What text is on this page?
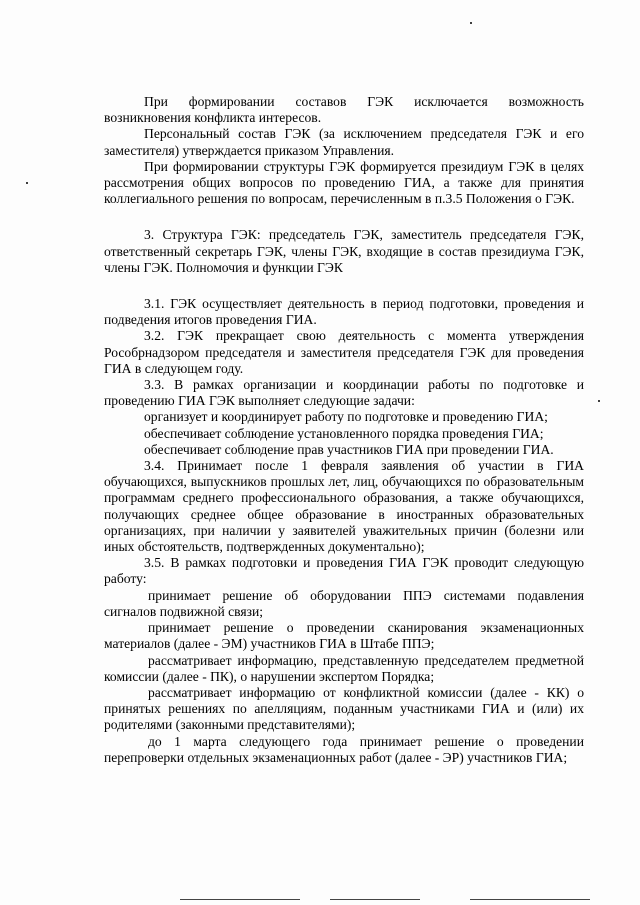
При формировании составов ГЭК исключается возможность возникновения конфликта интересов.

Персональный состав ГЭК (за исключением председателя ГЭК и его заместителя) утверждается приказом Управления.

При формировании структуры ГЭК формируется президиум ГЭК в целях рассмотрения общих вопросов по проведению ГИА, а также для принятия коллегиального решения по вопросам, перечисленным в п.3.5 Положения о ГЭК.

3. Структура ГЭК: председатель ГЭК, заместитель председателя ГЭК, ответственный секретарь ГЭК, члены ГЭК, входящие в состав президиума ГЭК, члены ГЭК. Полномочия и функции ГЭК

3.1. ГЭК осуществляет деятельность в период подготовки, проведения и подведения итогов проведения ГИА.

3.2. ГЭК прекращает свою деятельность с момента утверждения Рособрнадзором председателя и заместителя председателя ГЭК для проведения ГИА в следующем году.

3.3. В рамках организации и координации работы по подготовке и проведению ГИА ГЭК выполняет следующие задачи:

организует и координирует работу по подготовке и проведению ГИА;

обеспечивает соблюдение установленного порядка проведения ГИА;

обеспечивает соблюдение прав участников ГИА при проведении ГИА.

3.4. Принимает после 1 февраля заявления об участии в ГИА обучающихся, выпускников прошлых лет, лиц, обучающихся по образовательным программам среднего профессионального образования, а также обучающихся, получающих среднее общее образование в иностранных образовательных организациях, при наличии у заявителей уважительных причин (болезни или иных обстоятельств, подтвержденных документально);

3.5. В рамках подготовки и проведения ГИА ГЭК проводит следующую работу:

принимает решение об оборудовании ППЭ системами подавления сигналов подвижной связи;

принимает решение о проведении сканирования экзаменационных материалов (далее - ЭМ) участников ГИА в Штабе ППЭ;

рассматривает информацию, представленную председателем предметной комиссии (далее - ПК), о нарушении экспертом Порядка;

рассматривает информацию от конфликтной комиссии (далее - КК) о принятых решениях по апелляциям, поданным участниками ГИА и (или) их родителями (законными представителями);

до 1 марта следующего года принимает решение о проведении перепроверки отдельных экзаменационных работ (далее - ЭР) участников ГИА;
